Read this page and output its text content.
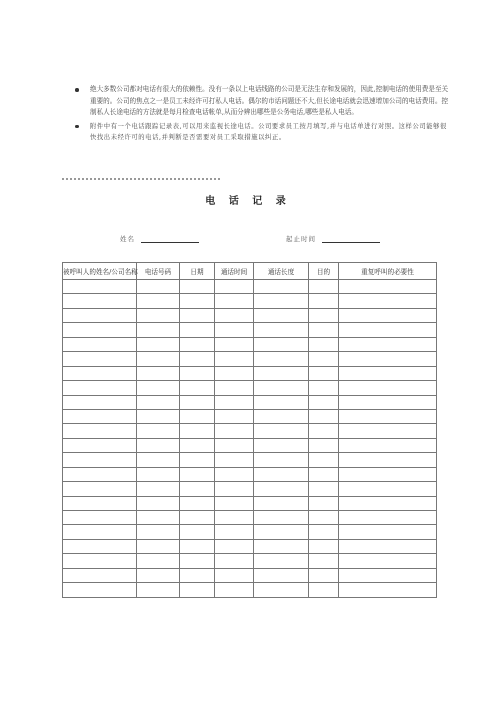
绝大多数公司都对电话有很大的依赖性。没有一条以上电话线路的公司是无法生存和发展的，因此,控制电话的使用费是至关重要的。公司的焦点之一是员工未经许可打私人电话。偶尔的市话问题还不大,但长途电话就会迅速增加公司的电话费用。控制私人长途电话的方法就是每月检查电话帐单,从而分辨出哪些是公务电话,哪些是私人电话。
附件中有一个电话跟踪记录表,可以用来监视长途电话。公司要求员工按月填写,并与电话单进行对照。这样公司能够很快找出未经许可的电话,并判断是否需要对员工采取措施以纠正。
电 话 记 录
姓名	起止时间
被呼叫人的姓名/公司名称	电话号码	日期	通话时间	通话长度	目的	重复呼叫的必要性
